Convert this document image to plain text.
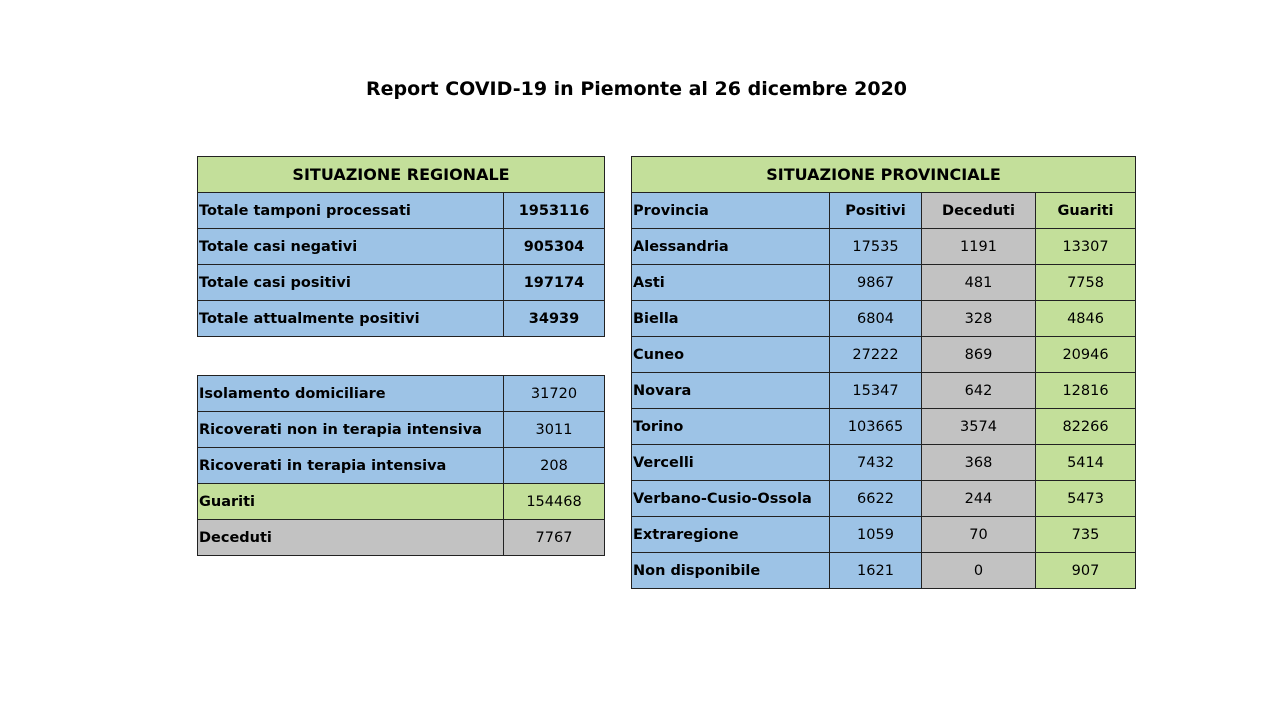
Report COVID-19 in Piemonte al 26 dicembre 2020
SITUAZIONE REGIONALE	
Totale tamponi processati	1953116
Totale casi negativi	905304
Totale casi positivi	197174
Totale attualmente positivi	34939
Isolamento domiciliare	31720
Ricoverati non in terapia intensiva	3011
Ricoverati in terapia intensiva	208
Guariti	154468
Deceduti	7767
SITUAZIONE PROVINCIALE			
Provincia	Positivi	Deceduti	Guariti
Alessandria	17535	1191	13307
Asti	9867	481	7758
Biella	6804	328	4846
Cuneo	27222	869	20946
Novara	15347	642	12816
Torino	103665	3574	82266
Vercelli	7432	368	5414
Verbano-Cusio-Ossola	6622	244	5473
Extraregione	1059	70	735
Non disponibile	1621	0	907
